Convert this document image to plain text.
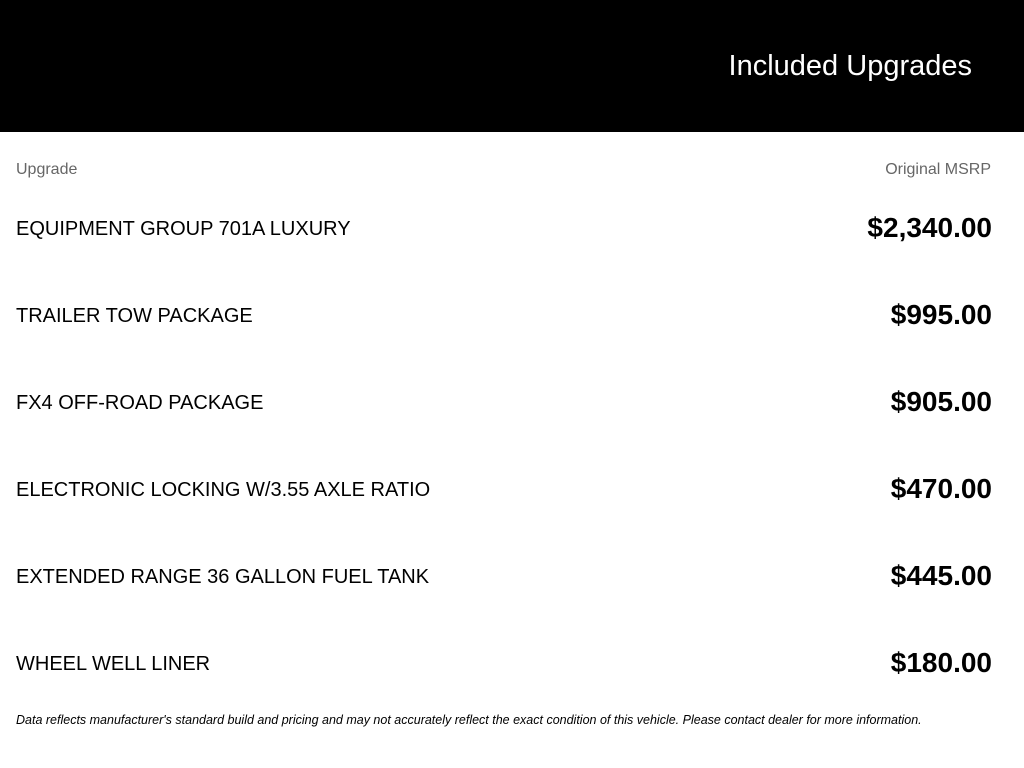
Included Upgrades
Upgrade	Original MSRP
EQUIPMENT GROUP 701A LUXURY	$2,340.00
TRAILER TOW PACKAGE	$995.00
FX4 OFF-ROAD PACKAGE	$905.00
ELECTRONIC LOCKING W/3.55 AXLE RATIO	$470.00
EXTENDED RANGE 36 GALLON FUEL TANK	$445.00
WHEEL WELL LINER	$180.00
Data reflects manufacturer's standard build and pricing and may not accurately reflect the exact condition of this vehicle. Please contact dealer for more information.
